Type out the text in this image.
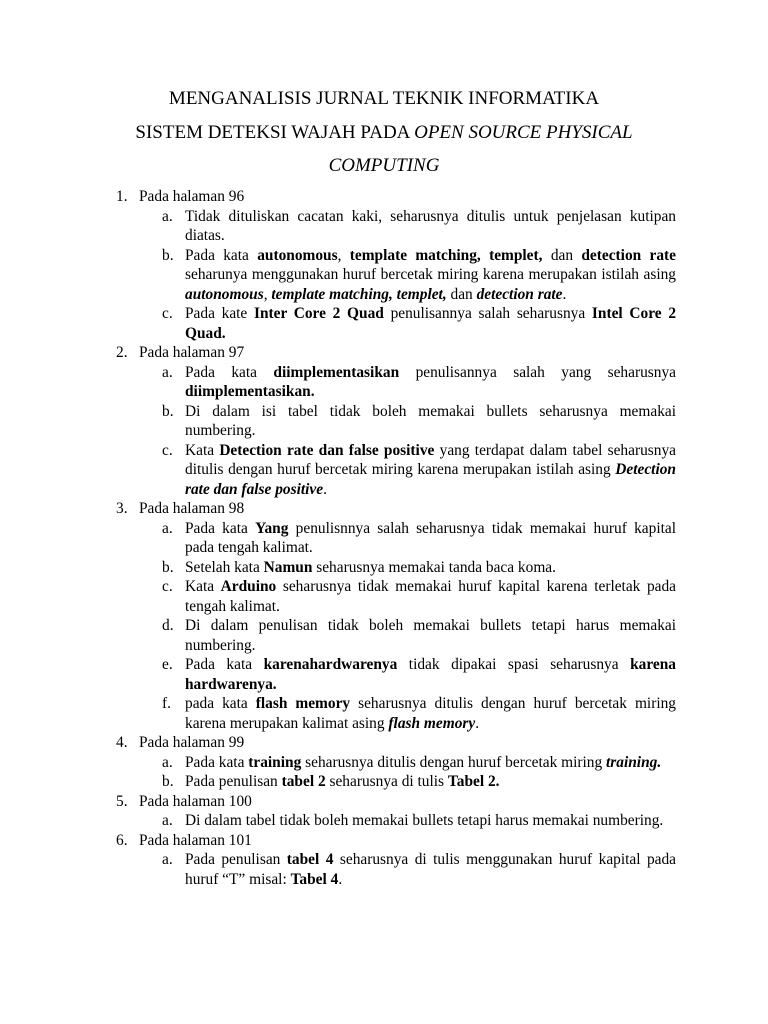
MENGANALISIS JURNAL TEKNIK INFORMATIKA
SISTEM DETEKSI WAJAH PADA OPEN SOURCE PHYSICAL
COMPUTING
1. Pada halaman 96
a. Tidak dituliskan cacatan kaki, seharusnya ditulis untuk penjelasan kutipan diatas.
b. Pada kata autonomous, template matching, templet, dan detection rate seharunya menggunakan huruf bercetak miring karena merupakan istilah asing autonomous, template matching, templet, dan detection rate.
c. Pada kate Inter Core 2 Quad penulisannya salah seharusnya Intel Core 2 Quad.
2. Pada halaman 97
a. Pada kata diimplementasikan penulisannya salah yang seharusnya diimplementasikan.
b. Di dalam isi tabel tidak boleh memakai bullets seharusnya memakai numbering.
c. Kata Detection rate dan false positive yang terdapat dalam tabel seharusnya ditulis dengan huruf bercetak miring karena merupakan istilah asing Detection rate dan false positive.
3. Pada halaman 98
a. Pada kata Yang penulisnnya salah seharusnya tidak memakai huruf kapital pada tengah kalimat.
b. Setelah kata Namun seharusnya memakai tanda baca koma.
c. Kata Arduino seharusnya tidak memakai huruf kapital karena terletak pada tengah kalimat.
d. Di dalam penulisan tidak boleh memakai bullets tetapi harus memakai numbering.
e. Pada kata karenahardwarenya tidak dipakai spasi seharusnya karena hardwarenya.
f. pada kata flash memory seharusnya ditulis dengan huruf bercetak miring karena merupakan kalimat asing flash memory.
4. Pada halaman 99
a. Pada kata training seharusnya ditulis dengan huruf bercetak miring training.
b. Pada penulisan tabel 2 seharusnya di tulis Tabel 2.
5. Pada halaman 100
a. Di dalam tabel tidak boleh memakai bullets tetapi harus memakai numbering.
6. Pada halaman 101
a. Pada penulisan tabel 4 seharusnya di tulis menggunakan huruf kapital pada huruf “T” misal: Tabel 4.
